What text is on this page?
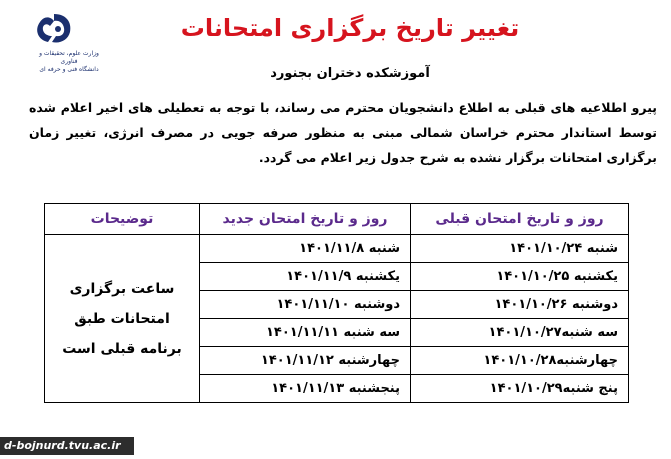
وزارت علوم، تحقیقات و فناوری
دانشگاه فنی و حرفه ای
تغییر تاریخ برگزاری امتحانات
آموزشکده دختران بجنورد
پیرو اطلاعیه های قبلی به اطلاع دانشجویان محترم می رساند، با توجه به تعطیلی های اخیر اعلام شده توسط استاندار محترم خراسان شمالی مبنی به منظور صرفه جویی در مصرف انرژی، تغییر زمان برگزاری امتحانات برگزار نشده به شرح جدول زیر اعلام می گردد.
روز و تاریخ امتحان قبلی	روز و تاریخ امتحان جدید	توضیحات
شنبه ۱۴۰۱/۱۰/۲۴	شنبه ۱۴۰۱/۱۱/۸	ساعت برگزاری امتحانات طبق برنامه قبلی است
یکشنبه ۱۴۰۱/۱۰/۲۵	یکشنبه ۱۴۰۱/۱۱/۹	
دوشنبه ۱۴۰۱/۱۰/۲۶	دوشنبه ۱۴۰۱/۱۱/۱۰	
سه شنبه۱۴۰۱/۱۰/۲۷	سه شنبه ۱۴۰۱/۱۱/۱۱	
چهارشنبه۱۴۰۱/۱۰/۲۸	چهارشنبه ۱۴۰۱/۱۱/۱۲	
پنج شنبه۱۴۰۱/۱۰/۲۹	پنجشنبه ۱۴۰۱/۱۱/۱۳	
d-bojnurd.tvu.ac.ir
